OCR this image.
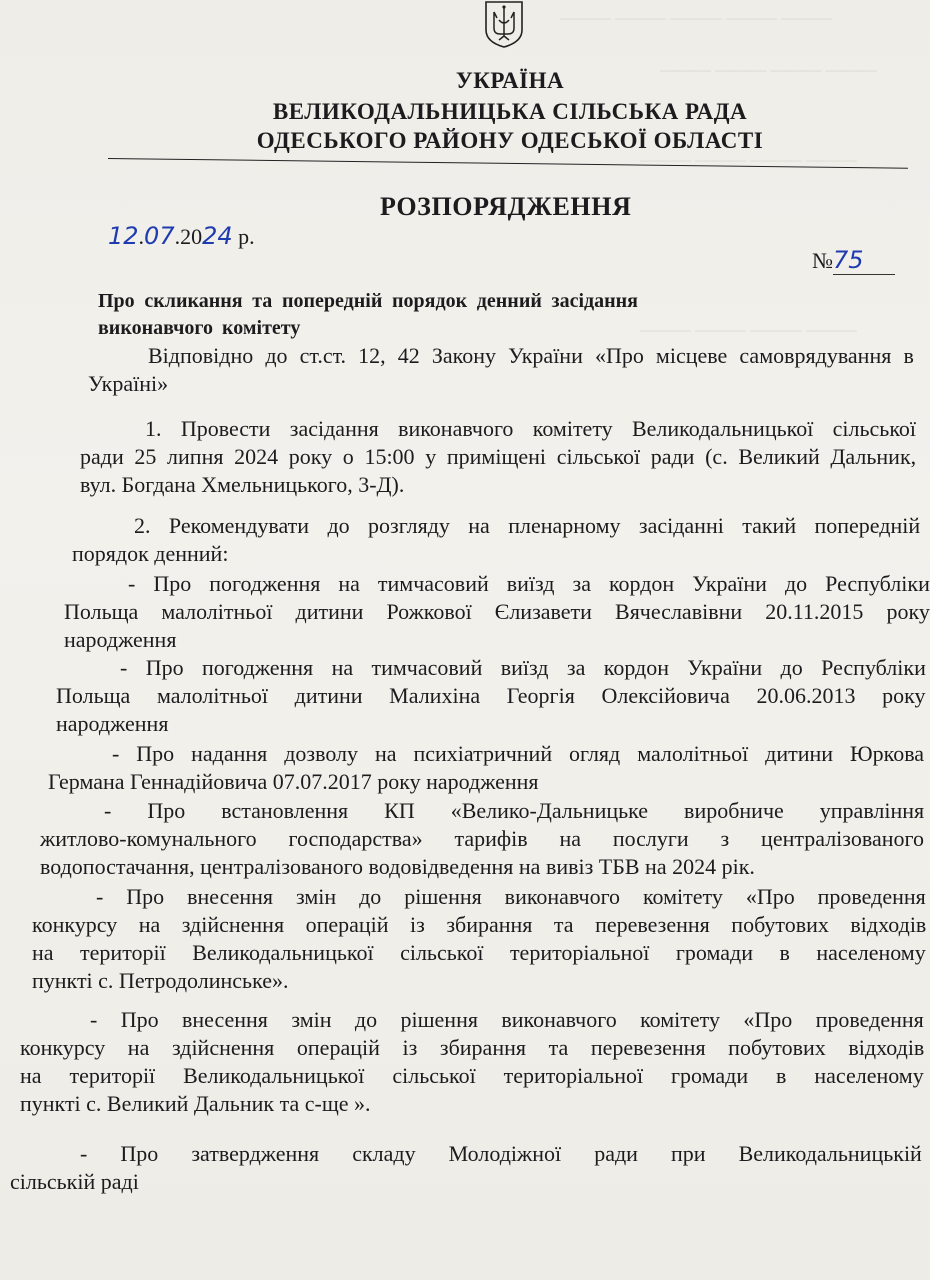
——— ——— ——— ——— ———
——— ——— ——— ———
——— ——— ——— ———
——— ——— ——— ———
УКРАЇНА
ВЕЛИКОДАЛЬНИЦЬКА СІЛЬСЬКА РАДА
ОДЕСЬКОГО РАЙОНУ ОДЕСЬКОЇ ОБЛАСТІ
РОЗПОРЯДЖЕННЯ
12.07.2024 р.
№75
Про скликання та попередній порядок денний засідання виконавчого комітету
Відповідно до ст.ст. 12, 42 Закону України «Про місцеве самоврядування в
Україні»
1. Провести засідання виконавчого комітету Великодальницької сільської
ради 25 липня 2024 року о 15:00 у приміщені сільської ради (с. Великий Дальник,
вул. Богдана Хмельницького, 3-Д).
2. Рекомендувати до розгляду на пленарному засіданні такий попередній
порядок денний:
- Про погодження на тимчасовий виїзд за кордон України до Республіки
Польща малолітньої дитини Рожкової Єлизавети Вячеславівни 20.11.2015 року
народження
- Про погодження на тимчасовий виїзд за кордон України до Республіки
Польща малолітньої дитини Малихіна Георгія Олексійовича 20.06.2013 року
народження
- Про надання дозволу на психіатричний огляд малолітньої дитини Юркова
Германа Геннадійовича 07.07.2017 року народження
- Про встановлення КП «Велико-Дальницьке виробниче управління
житлово-комунального господарства» тарифів на послуги з централізованого
водопостачання, централізованого водовідведення на вивіз ТБВ на 2024 рік.
- Про внесення змін до рішення виконавчого комітету «Про проведення
конкурсу на здійснення операцій із збирання та перевезення побутових відходів
на території Великодальницької сільської територіальної громади в населеному
пункті с. Петродолинське».
- Про внесення змін до рішення виконавчого комітету «Про проведення
конкурсу на здійснення операцій із збирання та перевезення побутових відходів
на території Великодальницької сільської територіальної громади в населеному
пункті с. Великий Дальник та с-ще ».
- Про затвердження складу Молодіжної ради при Великодальницькій
сільській раді
